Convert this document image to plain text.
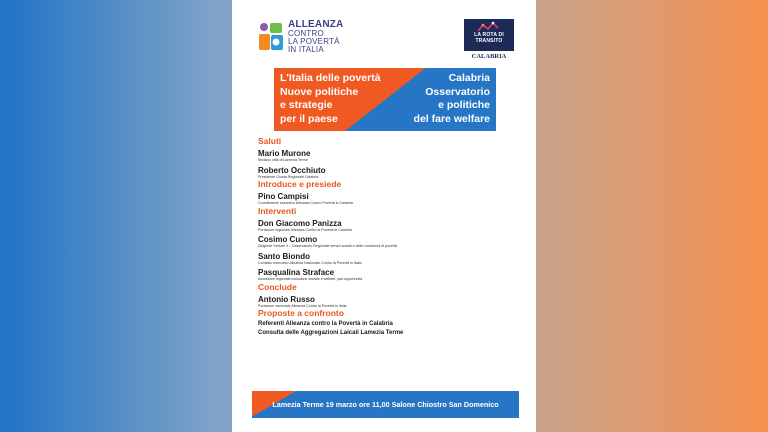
ALLEANZA
CONTRO
LA POVERTÀ
IN ITALIA
LA ROTA DI TRANSITO
CALABRIA
L'Italia delle povertà
Nuove politiche
e strategie
per il paese
Calabria
Osservatorio
e politiche
del fare welfare
Saluti
Mario Murone
Sindaco città di Lamezia Terme
Roberto Occhiuto
Presidente Giunta Regionale Calabria
Introduce e presiede
Pino Campisi
Coordinatore esecutivo Alleanza Contro Povertà in Calabria
Interventi
Don Giacomo Panizza
Portavoce regionale Alleanza Contro la Povertà in Calabria
Cosimo Cuomo
Dirigente Settore 3 – Osservatorio Regionale servizi sociali e delle condizioni di povertà
Santo Biondo
Comitato esecutivo Alleanza Nazionale Contro la Povertà in Italia
Pasqualina Straface
Assessore regionale inclusione sociale e welfare, pari opportunità
Conclude
Antonio Russo
Portavoce nazionale Alleanza Contro la Povertà in Italia
Proposte a confronto
Referenti Alleanza contro la Povertà in Calabria
Consulta delle Aggregazioni Laicali Lamezia Terme
Lamezia Terme 19 marzo ore 11,00 Salone Chiostro San Domenico
